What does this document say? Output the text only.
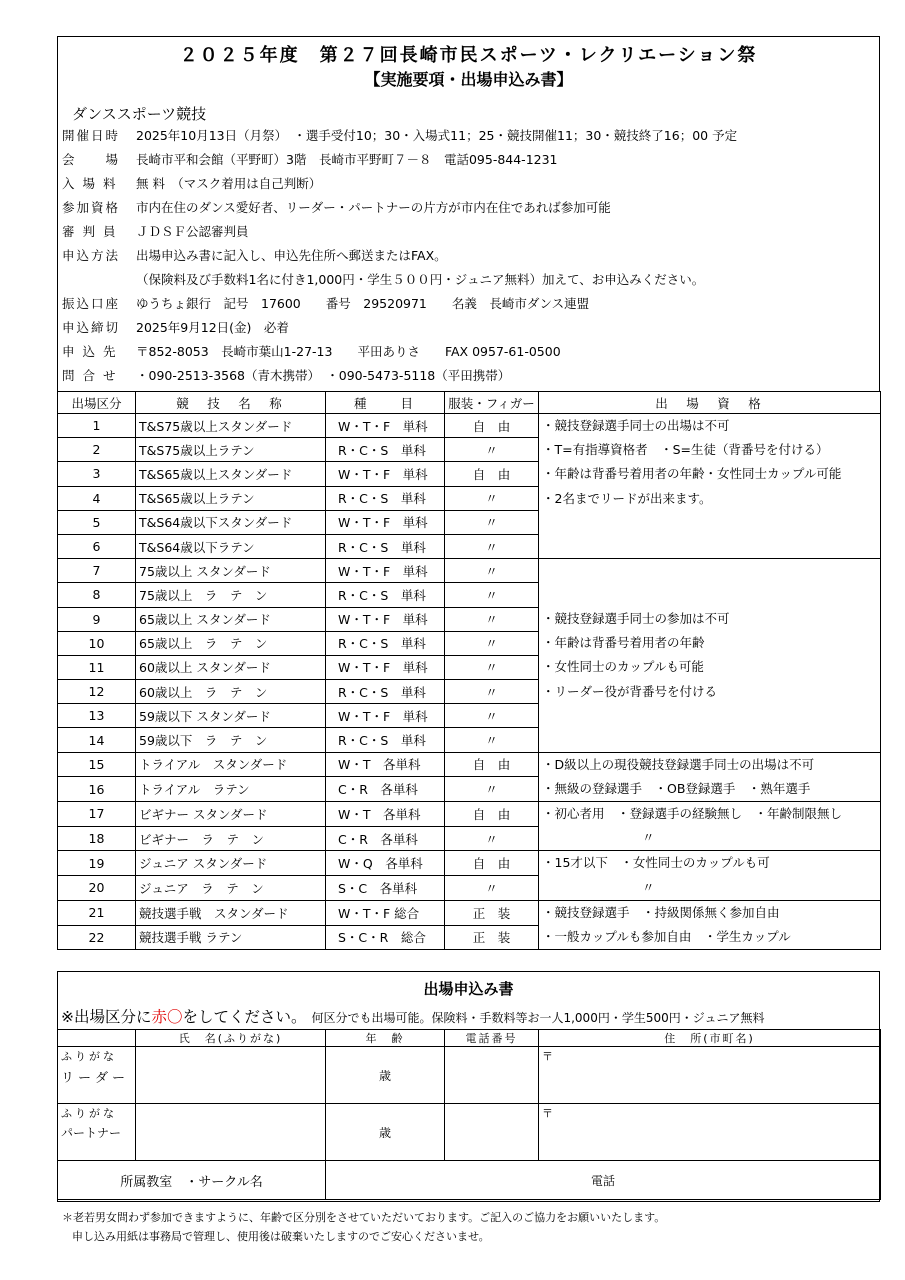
２０２５年度　第２７回長崎市民スポーツ・レクリエーション祭
【実施要項・出場申込み書】
ダンススポーツ競技
開催日時 2025年10月13日（月祭）　・選手受付10；30・入場式11；25・競技開催11；30・競技終了16；00 予定
会　　場 長崎市平和会館（平野町）3階　長崎市平野町７－８　電話095-844-1231
入 場 料 無 料　（マスク着用は自己判断）
参加資格 市内在住のダンス愛好者、リーダー・パートナーの片方が市内在住であれば参加可能
審 判 員 ＪＤＳＦ公認審判員
申込方法 出場申込み書に記入し、申込先住所へ郵送またはFAX。
（保険料及び手数料1名に付き1,000円・学生５００円・ジュニア無料）加えて、お申込みください。
振込口座 ゆうちょ銀行　記号　17600　　番号　29520971　　名義　長崎市ダンス連盟
申込締切 2025年9月12日(金)　必着
申 込 先 〒852-8053　長崎市葉山1-27-13　　平田ありさ　　FAX 0957-61-0500
問 合 せ ・090-2513-3568（青木携帯）　・090-5473-5118（平田携帯）
出場区分	競　技　名　称	種　　目	服装・フィガー	出　場　資　格
1	T&S75歳以上スタンダード	W・T・F　単科	自　由	・競技登録選手同士の出場は不可
・T=有指導資格者　・S=生徒（背番号を付ける）
・年齢は背番号着用者の年齢・女性同士カップル可能
・2名までリードが出来ます。

2	T&S75歳以上ラテン	R・C・S　単科	〃	
3	T&S65歳以上スタンダード	W・T・F　単科	自　由	
4	T&S65歳以上ラテン	R・C・S　単科	〃	
5	T&S64歳以下スタンダード	W・T・F　単科	〃	
6	T&S64歳以下ラテン	R・C・S　単科	〃	
7	75歳以上 スタンダード	W・T・F　単科	〃	・競技登録選手同士の参加は不可
・年齢は背番号着用者の年齢
・女性同士のカップルも可能
・リーダー役が背番号を付ける

8	75歳以上　ラ　テ　ン	R・C・S　単科	〃	
9	65歳以上 スタンダード	W・T・F　単科	〃	
10	65歳以上　ラ　テ　ン	R・C・S　単科	〃	
11	60歳以上 スタンダード	W・T・F　単科	〃	
12	60歳以上　ラ　テ　ン	R・C・S　単科	〃	
13	59歳以下 スタンダード	W・T・F　単科	〃	
14	59歳以下　ラ　テ　ン	R・C・S　単科	〃	
15	トライアル　スタンダード	W・T　各単科	自　由	・D級以上の現役競技登録選手同士の出場は不可
・無級の登録選手　・OB登録選手　・熟年選手

16	トライアル　ラテン	C・R　各単科	〃	
17	ビギナー スタンダード	W・T　各単科	自　由	・初心者用　・登録選手の経験無し　・年齢制限無し
〃

18	ビギナー　ラ　テ　ン	C・R　各単科	〃	
19	ジュニア スタンダード	W・Q　各単科	自　由	・15才以下　・女性同士のカップルも可
〃

20	ジュニア　ラ　テ　ン	S・C　各単科	〃	
21	競技選手戦　スタンダード	W・T・F 総合	正　装	・競技登録選手　・持級関係無く参加自由
・一般カップルも参加自由　・学生カップル

22	競技選手戦 ラテン	S・C・R　総合	正　装	
出場申込み書
※出場区分に赤〇をしてください。 何区分でも出場可能。保険料・手数料等お一人1,000円・学生500円・ジュニア無料
	氏　名(ふりがな)	年　齢	電話番号	住　所(市町名)

ふりがな
リーダー		歳		〒

ふりがな
パートナー		歳		〒

所属教室　・サークル名		電話		
＊老若男女問わず参加できますように、年齢で区分別をさせていただいております。ご記入のご協力をお願いいたします。
申し込み用紙は事務局で管理し、使用後は破棄いたしますのでご安心くださいませ。
